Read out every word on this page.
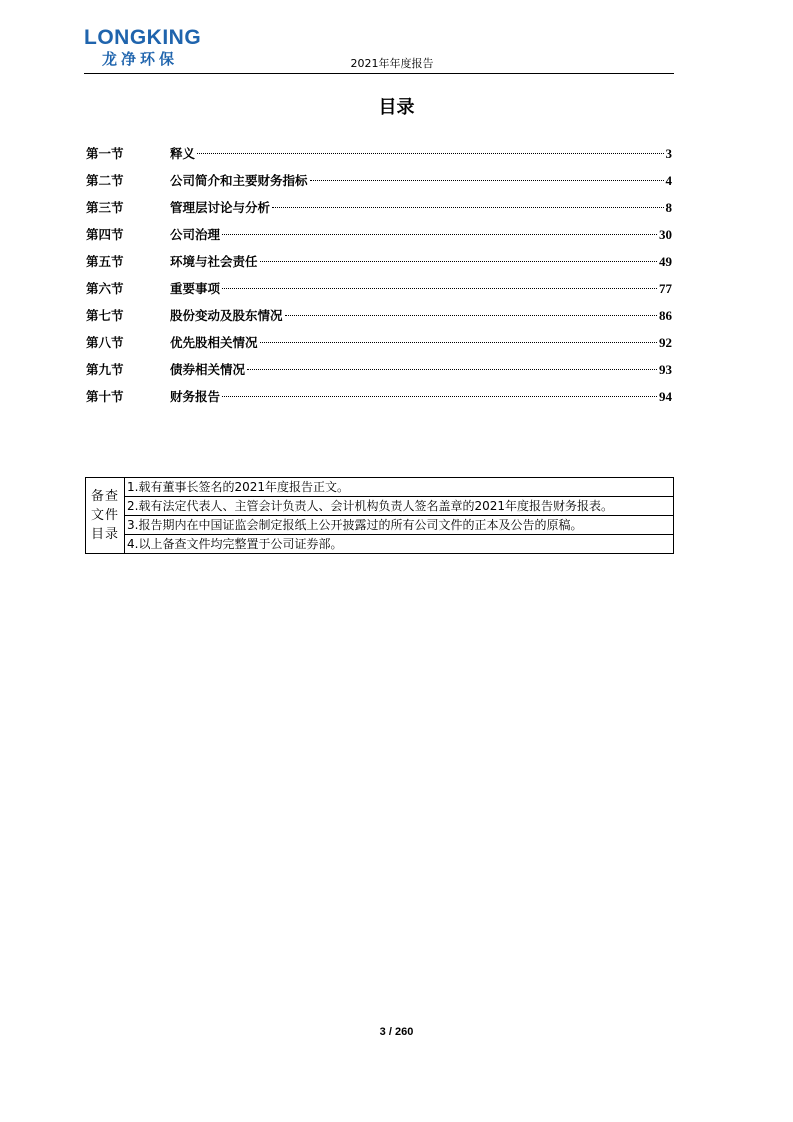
LONGKING
龙净环保	2021年年度报告
目录
第一节	释义	3
第二节	公司简介和主要财务指标	4
第三节	管理层讨论与分析	8
第四节	公司治理	30
第五节	环境与社会责任	49
第六节	重要事项	77
第七节	股份变动及股东情况	86
第八节	优先股相关情况	92
第九节	债券相关情况	93
第十节	财务报告	94
备查文件目录	1.载有董事长签名的2021年度报告正文。
2.载有法定代表人、主管会计负责人、会计机构负责人签名盖章的2021年度报告财务报表。
3.报告期内在中国证监会制定报纸上公开披露过的所有公司文件的正本及公告的原稿。
4.以上备查文件均完整置于公司证券部。
3 / 260
